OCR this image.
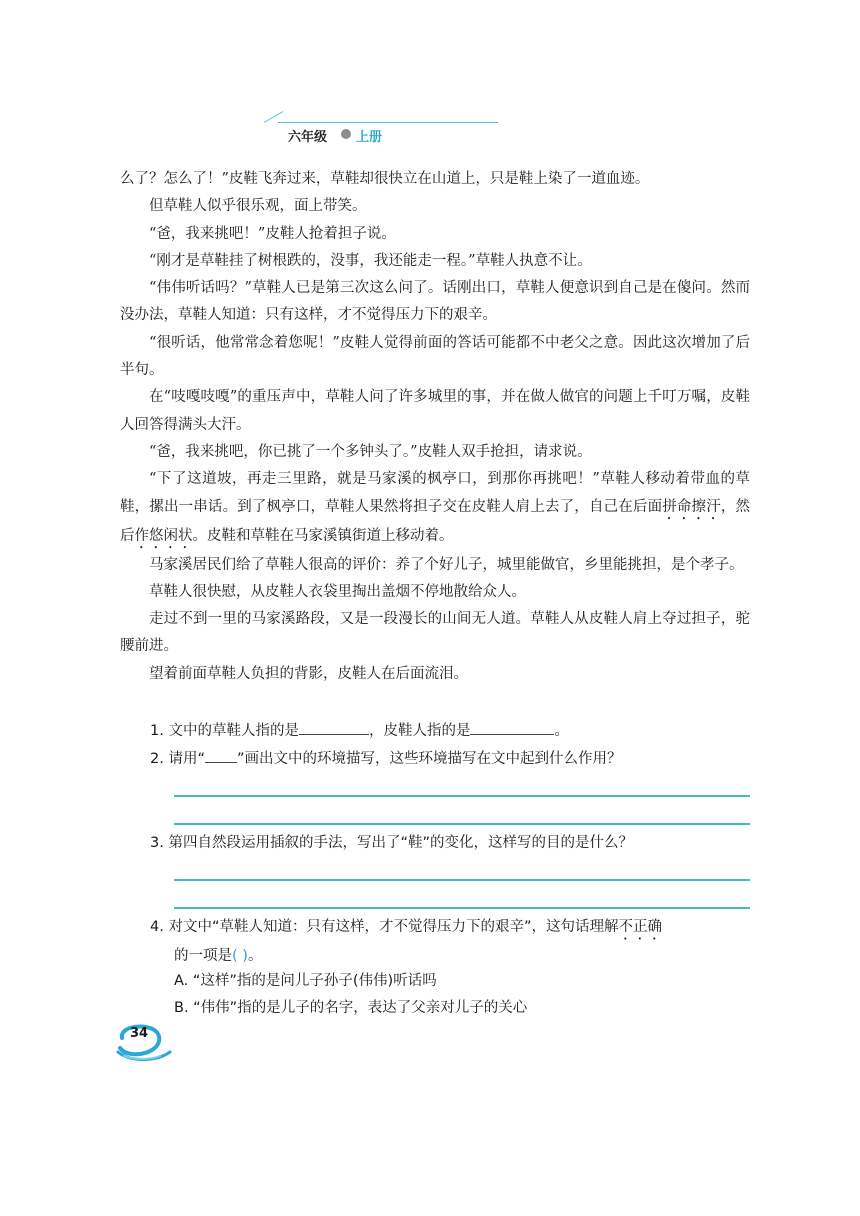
六年级 上册

么了？怎么了！”皮鞋飞奔过来，草鞋却很快立在山道上，只是鞋上染了一道血迹。

但草鞋人似乎很乐观，面上带笑。

“爸，我来挑吧！”皮鞋人抢着担子说。

“刚才是草鞋挂了树根跌的，没事，我还能走一程。”草鞋人执意不让。

“伟伟听话吗？”草鞋人已是第三次这么问了。话刚出口，草鞋人便意识到自己是在傻问。然而没办法，草鞋人知道：只有这样，才不觉得压力下的艰辛。

“很听话，他常常念着您呢！”皮鞋人觉得前面的答话可能都不中老父之意。因此这次增加了后半句。

在“吱嘎吱嘎”的重压声中，草鞋人问了许多城里的事，并在做人做官的问题上千叮万嘱，皮鞋人回答得满头大汗。

“爸，我来挑吧，你已挑了一个多钟头了。”皮鞋人双手抢担，请求说。

“下了这道坡，再走三里路，就是马家溪的枫亭口，到那你再挑吧！”草鞋人移动着带血的草鞋，摞出一串话。到了枫亭口，草鞋人果然将担子交在皮鞋人肩上去了，自己在后面拼命擦汗，然后作悠闲状。皮鞋和草鞋在马家溪镇街道上移动着。

马家溪居民们给了草鞋人很高的评价：养了个好儿子，城里能做官，乡里能挑担，是个孝子。

草鞋人很快慰，从皮鞋人衣袋里掏出盖烟不停地散给众人。

走过不到一里的马家溪路段，又是一段漫长的山间无人道。草鞋人从皮鞋人肩上夺过担子，驼腰前进。

望着前面草鞋人负担的背影，皮鞋人在后面流泪。

1. 文中的草鞋人指的是	，皮鞋人指的是	。
2. 请用“ ”画出文中的环境描写，这些环境描写在文中起到什么作用？
3. 第四自然段运用插叙的手法，写出了“鞋”的变化，这样写的目的是什么？
4. 对文中“草鞋人知道：只有这样，才不觉得压力下的艰辛”，这句话理解不正确
的一项是( )。
A. “这样”指的是问儿子孙子(伟伟)听话吗
B. “伟伟”指的是儿子的名字，表达了父亲对儿子的关心
34
